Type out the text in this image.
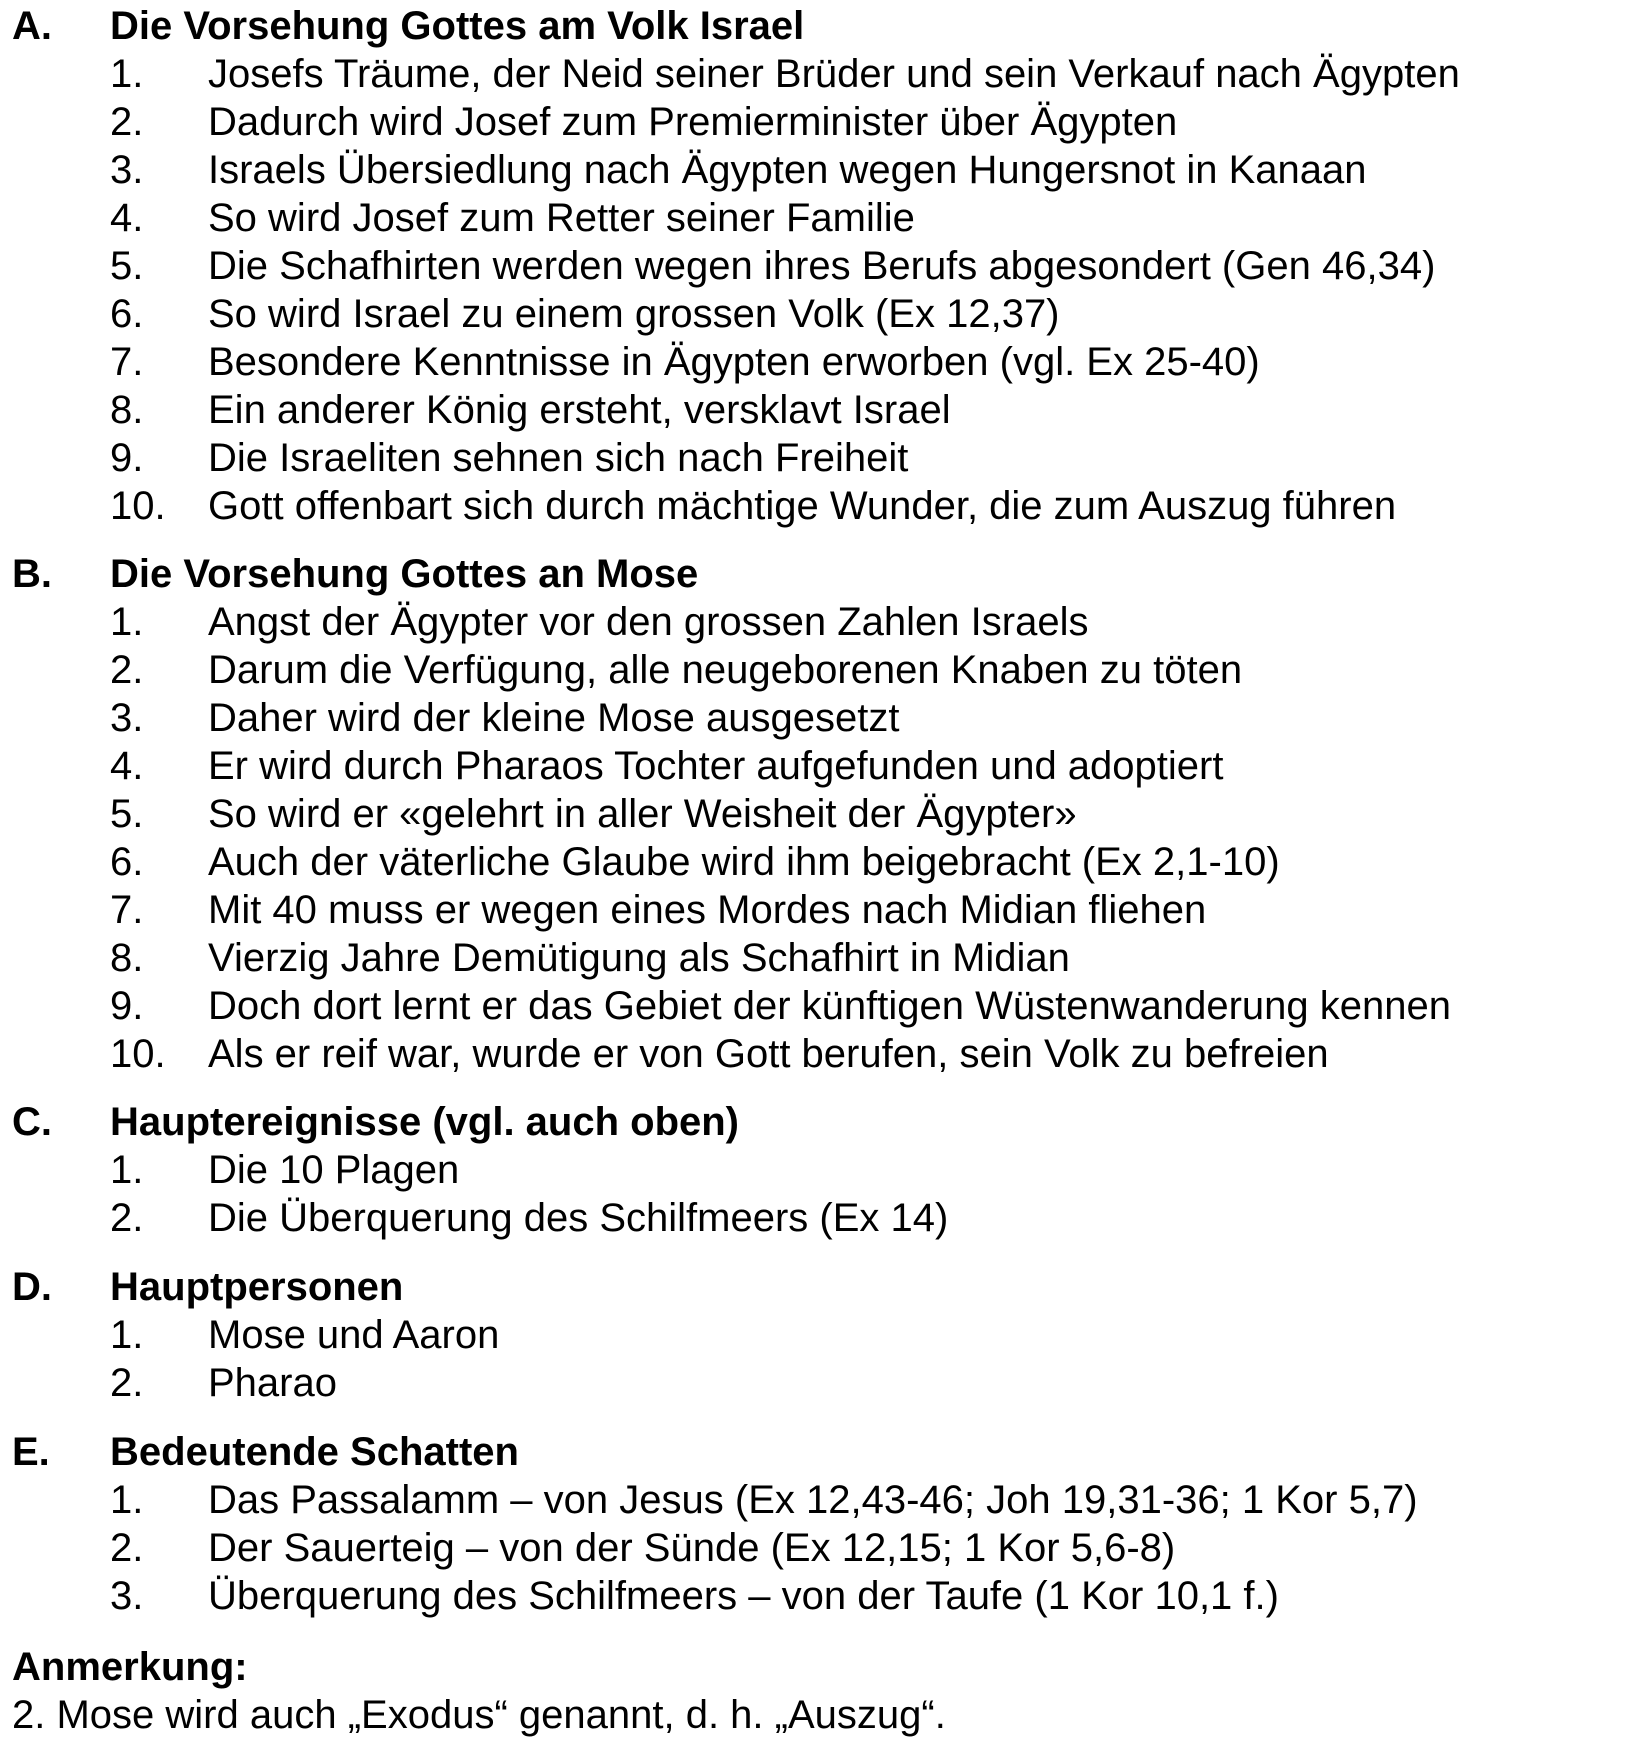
A. Die Vorsehung Gottes am Volk Israel
1. Josefs Träume, der Neid seiner Brüder und sein Verkauf nach Ägypten
2. Dadurch wird Josef zum Premierminister über Ägypten
3. Israels Übersiedlung nach Ägypten wegen Hungersnot in Kanaan
4. So wird Josef zum Retter seiner Familie
5. Die Schafhirten werden wegen ihres Berufs abgesondert (Gen 46,34)
6. So wird Israel zu einem grossen Volk (Ex 12,37)
7. Besondere Kenntnisse in Ägypten erworben (vgl. Ex 25-40)
8. Ein anderer König ersteht, versklavt Israel
9. Die Israeliten sehnen sich nach Freiheit
10. Gott offenbart sich durch mächtige Wunder, die zum Auszug führen
B. Die Vorsehung Gottes an Mose
1. Angst der Ägypter vor den grossen Zahlen Israels
2. Darum die Verfügung, alle neugeborenen Knaben zu töten
3. Daher wird der kleine Mose ausgesetzt
4. Er wird durch Pharaos Tochter aufgefunden und adoptiert
5. So wird er «gelehrt in aller Weisheit der Ägypter»
6. Auch der väterliche Glaube wird ihm beigebracht (Ex 2,1-10)
7. Mit 40 muss er wegen eines Mordes nach Midian fliehen
8. Vierzig Jahre Demütigung als Schafhirt in Midian
9. Doch dort lernt er das Gebiet der künftigen Wüstenwanderung kennen
10. Als er reif war, wurde er von Gott berufen, sein Volk zu befreien
C. Hauptereignisse (vgl. auch oben)
1. Die 10 Plagen
2. Die Überquerung des Schilfmeers (Ex 14)
D. Hauptpersonen
1. Mose und Aaron
2. Pharao
E. Bedeutende Schatten
1. Das Passalamm – von Jesus (Ex 12,43-46; Joh 19,31-36; 1 Kor 5,7)
2. Der Sauerteig – von der Sünde (Ex 12,15; 1 Kor 5,6-8)
3. Überquerung des Schilfmeers – von der Taufe (1 Kor 10,1 f.)
Anmerkung:
2. Mose wird auch „Exodus“ genannt, d. h. „Auszug“.
